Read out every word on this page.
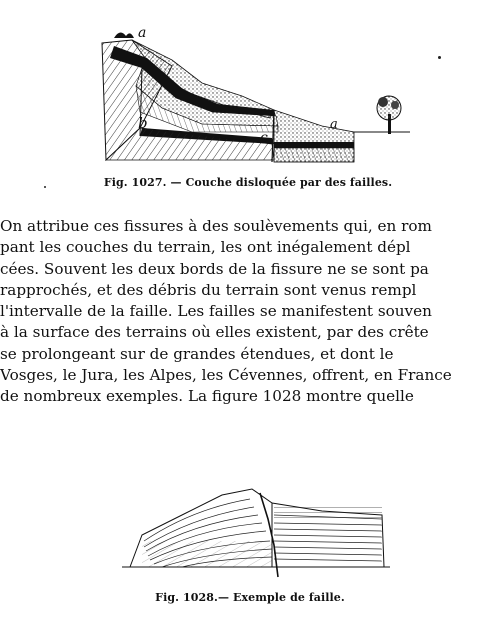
a
b
c
a
Fig. 1027. — Couche disloquée par des failles.
On attribue ces fissures à des soulèvements qui, en rom
pant les couches du terrain, les ont inégalement dépl
cées. Souvent les deux bords de la fissure ne se sont pa
rapprochés, et des débris du terrain sont venus rempl
l'intervalle de la faille. Les failles se manifestent souven
à la surface des terrains où elles existent, par des crête
se prolongeant sur de grandes étendues, et dont le
Vosges, le Jura, les Alpes, les Cévennes, offrent, en France
de nombreux exemples. La figure 1028 montre quelle
Fig. 1028.— Exemple de faille.
